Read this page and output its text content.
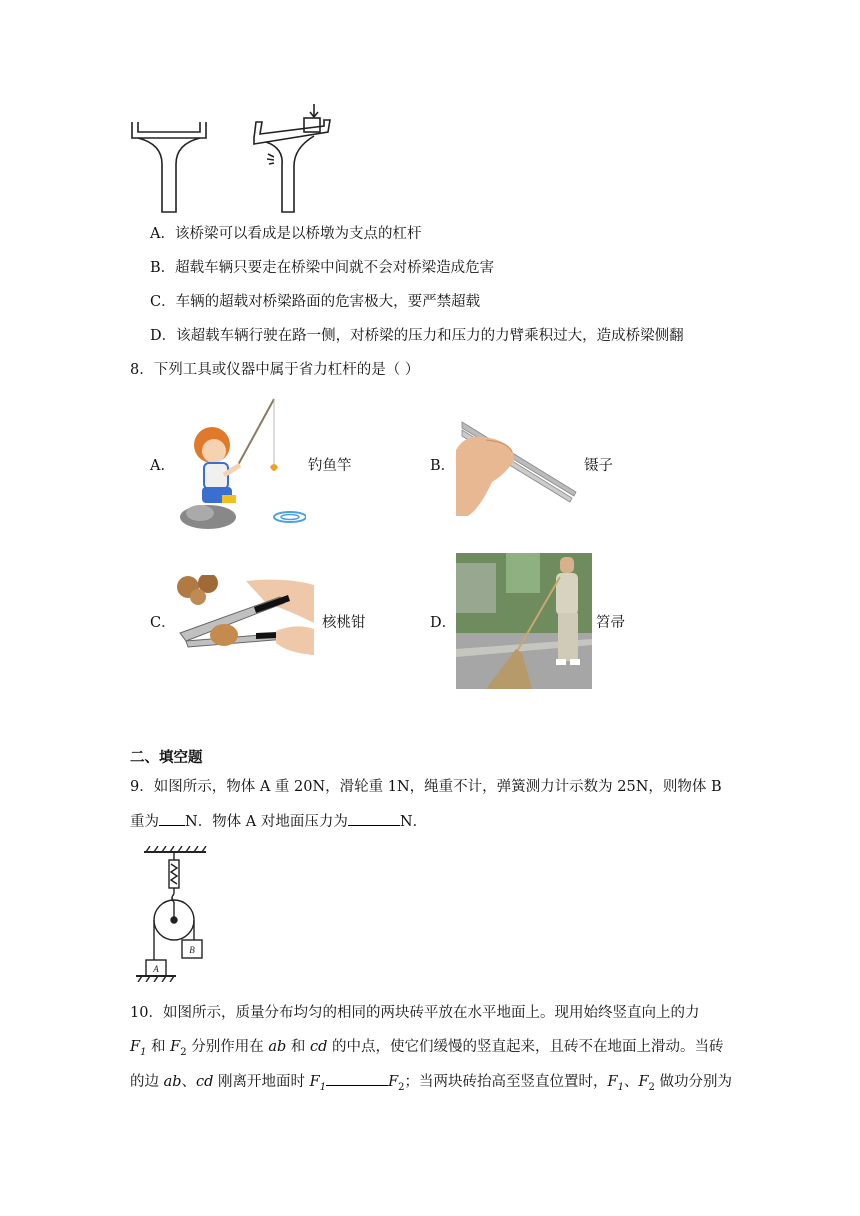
A．该桥梁可以看成是以桥墩为支点的杠杆
B．超载车辆只要走在桥梁中间就不会对桥梁造成危害
C．车辆的超载对桥梁路面的危害极大，要严禁超载
D．该超载车辆行驶在路一侧，对桥梁的压力和压力的力臂乘积过大，造成桥梁侧翻
8．下列工具或仪器中属于省力杠杆的是（ ）
A．	钓鱼竿	B．	镊子
C．	核桃钳	D．	笤帚
二、填空题
9．如图所示，物体 A 重 20N，滑轮重 1N，绳重不计，弹簧测力计示数为 25N，则物体 B
重为 N．物体 A 对地面压力为	N．
B
A
10．如图所示，质量分布均匀的相同的两块砖平放在水平地面上。现用始终竖直向上的力
$F_1$ 和 $F_2$ 分别作用在 ab 和 cd 的中点，使它们缓慢的竖直起来，且砖不在地面上滑动。当砖
的边 ab、cd 刚离开地面时 $F_1$	$F_2$；当两块砖抬高至竖直位置时，$F_1$、$F_2$ 做功分别为
